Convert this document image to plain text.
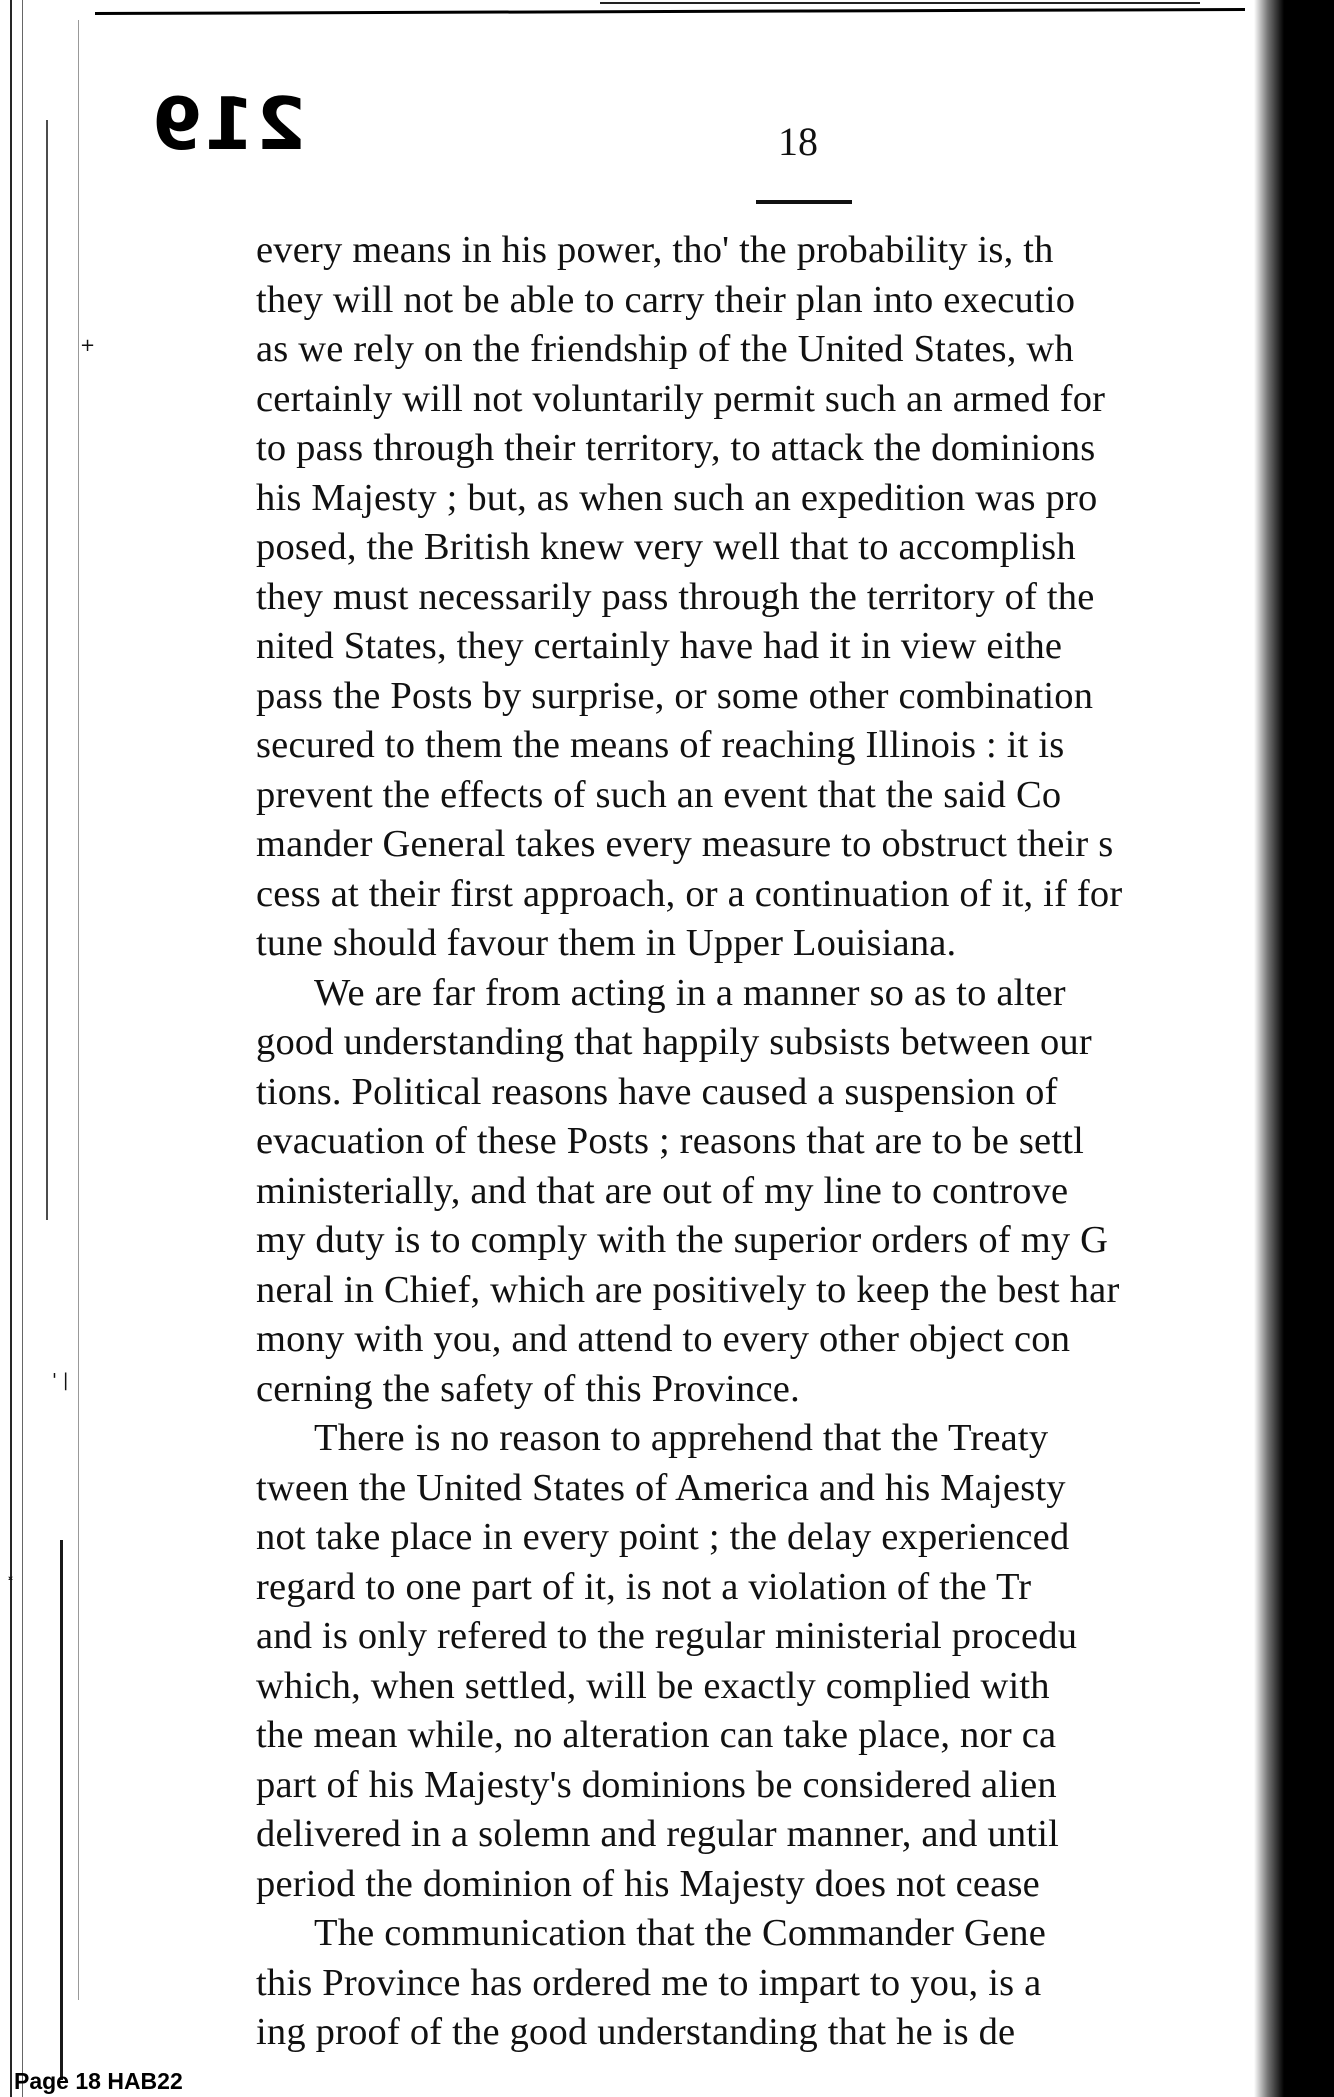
+
' |
˟
219	18
every means in his power, tho' the probability is, th
they will not be able to carry their plan into executio
as we rely on the friendship of the United States, wh
certainly will not voluntarily permit such an armed for
to pass through their territory, to attack the dominions
his Majesty ; but, as when such an expedition was pro
posed, the British knew very well that to accomplish
they must necessarily pass through the territory of the
nited States, they certainly have had it in view eithe
pass the Posts by surprise, or some other combination
secured to them the means of reaching Illinois : it is
prevent the effects of such an event that the said Co
mander General takes every measure to obstruct their s
cess at their first approach, or a continuation of it, if for
tune should favour them in Upper Louisiana.
We are far from acting in a manner so as to alter
good understanding that happily subsists between our
tions. Political reasons have caused a suspension of
evacuation of these Posts ; reasons that are to be settl
ministerially, and that are out of my line to controve
my duty is to comply with the superior orders of my G
neral in Chief, which are positively to keep the best har
mony with you, and attend to every other object con
cerning the safety of this Province.
There is no reason to apprehend that the Treaty
tween the United States of America and his Majesty
not take place in every point ; the delay experienced
regard to one part of it, is not a violation of the Tr
and is only refered to the regular ministerial procedu
which, when settled, will be exactly complied with
the mean while, no alteration can take place, nor ca
part of his Majesty's dominions be considered alien
delivered in a solemn and regular manner, and until
period the dominion of his Majesty does not cease
The communication that the Commander Gene
this Province has ordered me to impart to you, is a
ing proof of the good understanding that he is de
Page 18 HAB22
